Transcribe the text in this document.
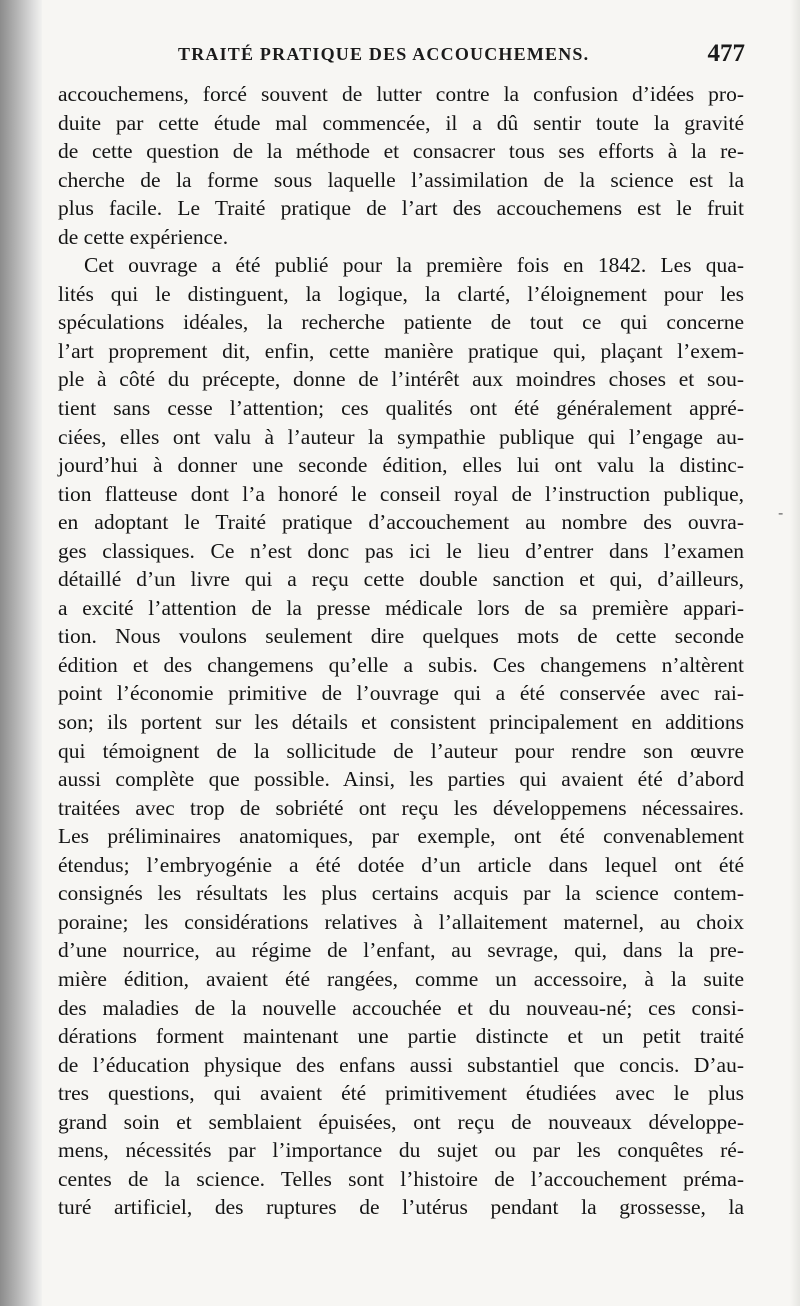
TRAITÉ PRATIQUE DES ACCOUCHEMENS.	477
accouchemens, forcé souvent de lutter contre la confusion d’idées pro-
duite par cette étude mal commencée, il a dû sentir toute la gravité
de cette question de la méthode et consacrer tous ses efforts à la re-
cherche de la forme sous laquelle l’assimilation de la science est la
plus facile. Le Traité pratique de l’art des accouchemens est le fruit
de cette expérience.
Cet ouvrage a été publié pour la première fois en 1842. Les qua-
lités qui le distinguent, la logique, la clarté, l’éloignement pour les
spéculations idéales, la recherche patiente de tout ce qui concerne
l’art proprement dit, enfin, cette manière pratique qui, plaçant l’exem-
ple à côté du précepte, donne de l’intérêt aux moindres choses et sou-
tient sans cesse l’attention; ces qualités ont été généralement appré-
ciées, elles ont valu à l’auteur la sympathie publique qui l’engage au-
jourd’hui à donner une seconde édition, elles lui ont valu la distinc-
tion flatteuse dont l’a honoré le conseil royal de l’instruction publique,
en adoptant le Traité pratique d’accouchement au nombre des ouvra-
ges classiques. Ce n’est donc pas ici le lieu d’entrer dans l’examen
détaillé d’un livre qui a reçu cette double sanction et qui, d’ailleurs,
a excité l’attention de la presse médicale lors de sa première appari-
tion. Nous voulons seulement dire quelques mots de cette seconde
édition et des changemens qu’elle a subis. Ces changemens n’altèrent
point l’économie primitive de l’ouvrage qui a été conservée avec rai-
son; ils portent sur les détails et consistent principalement en additions
qui témoignent de la sollicitude de l’auteur pour rendre son œuvre
aussi complète que possible. Ainsi, les parties qui avaient été d’abord
traitées avec trop de sobriété ont reçu les développemens nécessaires.
Les préliminaires anatomiques, par exemple, ont été convenablement
étendus; l’embryogénie a été dotée d’un article dans lequel ont été
consignés les résultats les plus certains acquis par la science contem-
poraine; les considérations relatives à l’allaitement maternel, au choix
d’une nourrice, au régime de l’enfant, au sevrage, qui, dans la pre-
mière édition, avaient été rangées, comme un accessoire, à la suite
des maladies de la nouvelle accouchée et du nouveau-né; ces consi-
dérations forment maintenant une partie distincte et un petit traité
de l’éducation physique des enfans aussi substantiel que concis. D’au-
tres questions, qui avaient été primitivement étudiées avec le plus
grand soin et semblaient épuisées, ont reçu de nouveaux développe-
mens, nécessités par l’importance du sujet ou par les conquêtes ré-
centes de la science. Telles sont l’histoire de l’accouchement préma-
turé artificiel, des ruptures de l’utérus pendant la grossesse, la
-
